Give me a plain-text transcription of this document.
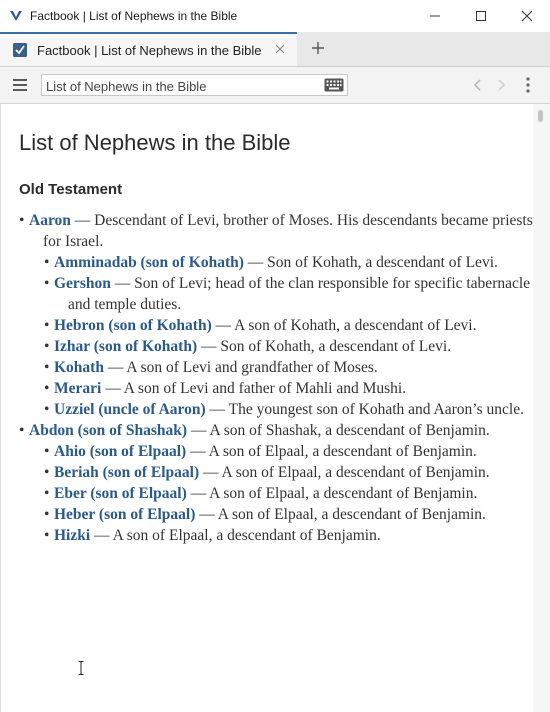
Factbook | List of Nephews in the Bible
Factbook | List of Nephews in the Bible
List of Nephews in the Bible
List of Nephews in the Bible
Old Testament
• Aaron — Descendant of Levi, brother of Moses. His descendants became priests for Israel.
• Amminadab (son of Kohath) — Son of Kohath, a descendant of Levi.
• Gershon — Son of Levi; head of the clan responsible for specific tabernacle and temple duties.
• Hebron (son of Kohath) — A son of Kohath, a descendant of Levi.
• Izhar (son of Kohath) — Son of Kohath, a descendant of Levi.
• Kohath — A son of Levi and grandfather of Moses.
• Merari — A son of Levi and father of Mahli and Mushi.
• Uzziel (uncle of Aaron) — The youngest son of Kohath and Aaron’s uncle.
• Abdon (son of Shashak) — A son of Shashak, a descendant of Benjamin.
• Ahio (son of Elpaal) — A son of Elpaal, a descendant of Benjamin.
• Beriah (son of Elpaal) — A son of Elpaal, a descendant of Benjamin.
• Eber (son of Elpaal) — A son of Elpaal, a descendant of Benjamin.
• Heber (son of Elpaal) — A son of Elpaal, a descendant of Benjamin.
• Hizki — A son of Elpaal, a descendant of Benjamin.
